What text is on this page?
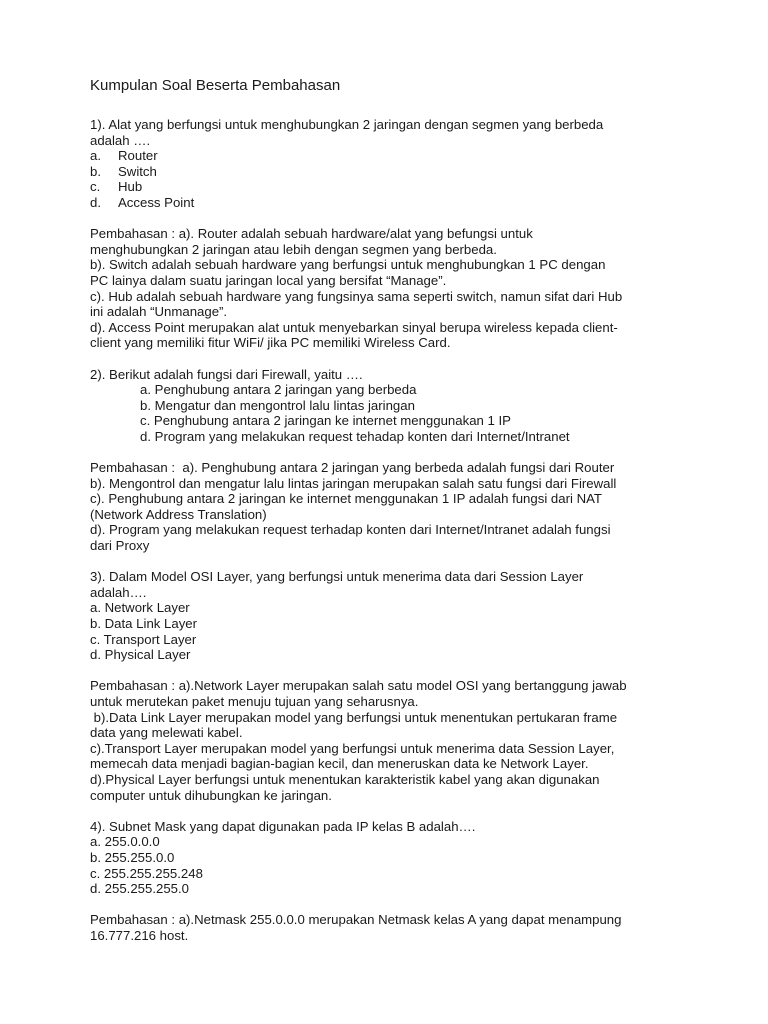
Kumpulan Soal Beserta Pembahasan
1). Alat yang berfungsi untuk menghubungkan 2 jaringan dengan segmen yang berbeda
adalah ….
a.	Router
b.	Switch
c.	Hub
d.	Access Point
Pembahasan : a). Router adalah sebuah hardware/alat yang befungsi untuk
menghubungkan 2 jaringan atau lebih dengan segmen yang berbeda.
b). Switch adalah sebuah hardware yang berfungsi untuk menghubungkan 1 PC dengan
PC lainya dalam suatu jaringan local yang bersifat “Manage”.
c). Hub adalah sebuah hardware yang fungsinya sama seperti switch, namun sifat dari Hub
ini adalah “Unmanage”.
d). Access Point merupakan alat untuk menyebarkan sinyal berupa wireless kepada client-
client yang memiliki fitur WiFi/ jika PC memiliki Wireless Card.
2). Berikut adalah fungsi dari Firewall, yaitu ….
a. Penghubung antara 2 jaringan yang berbeda
b. Mengatur dan mengontrol lalu lintas jaringan
c. Penghubung antara 2 jaringan ke internet menggunakan 1 IP
d. Program yang melakukan request tehadap konten dari Internet/Intranet
Pembahasan :  a). Penghubung antara 2 jaringan yang berbeda adalah fungsi dari Router
b). Mengontrol dan mengatur lalu lintas jaringan merupakan salah satu fungsi dari Firewall
c). Penghubung antara 2 jaringan ke internet menggunakan 1 IP adalah fungsi dari NAT
(Network Address Translation)
d). Program yang melakukan request terhadap konten dari Internet/Intranet adalah fungsi
dari Proxy
3). Dalam Model OSI Layer, yang berfungsi untuk menerima data dari Session Layer
adalah….
a. Network Layer
b. Data Link Layer
c. Transport Layer
d. Physical Layer
Pembahasan : a).Network Layer merupakan salah satu model OSI yang bertanggung jawab
untuk merutekan paket menuju tujuan yang seharusnya.
b).Data Link Layer merupakan model yang berfungsi untuk menentukan pertukaran frame
data yang melewati kabel.
c).Transport Layer merupakan model yang berfungsi untuk menerima data Session Layer,
memecah data menjadi bagian-bagian kecil, dan meneruskan data ke Network Layer.
d).Physical Layer berfungsi untuk menentukan karakteristik kabel yang akan digunakan
computer untuk dihubungkan ke jaringan.
4). Subnet Mask yang dapat digunakan pada IP kelas B adalah….
a. 255.0.0.0
b. 255.255.0.0
c. 255.255.255.248
d. 255.255.255.0
Pembahasan : a).Netmask 255.0.0.0 merupakan Netmask kelas A yang dapat menampung
16.777.216 host.
